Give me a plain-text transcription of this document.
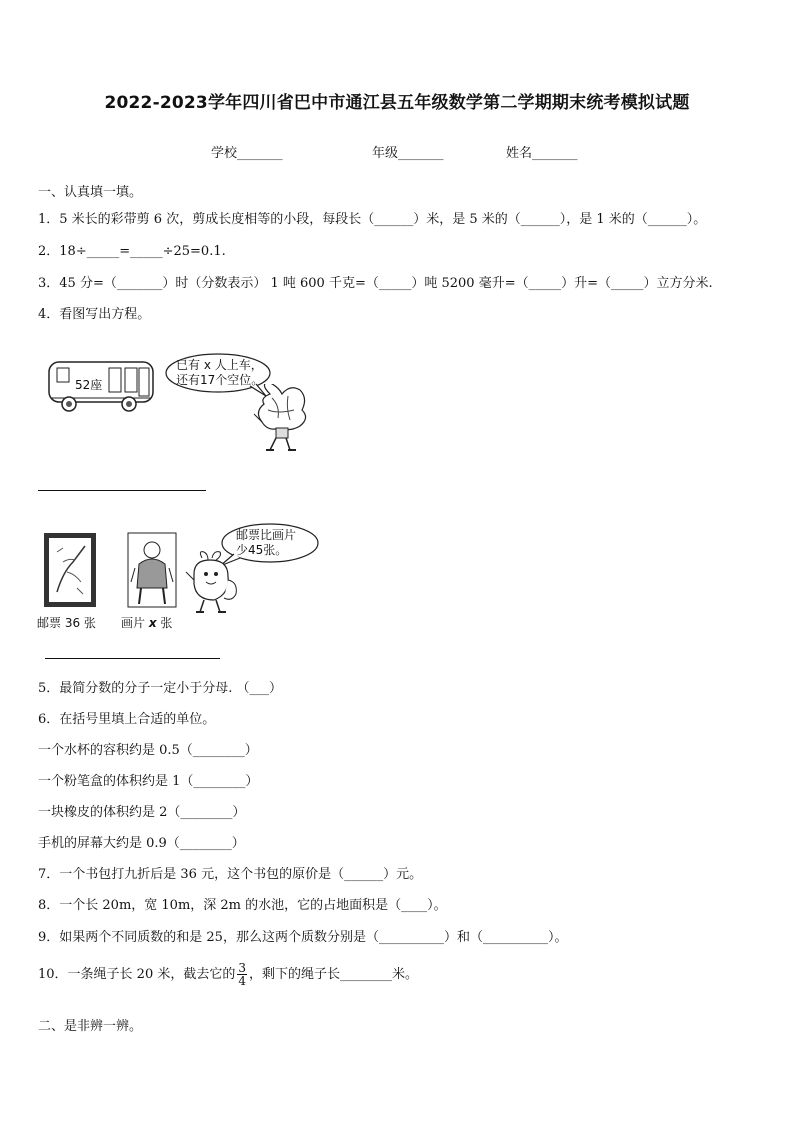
2022-2023学年四川省巴中市通江县五年级数学第二学期期末统考模拟试题
学校_______	年级_______	姓名_______
一、认真填一填。
1．5 米长的彩带剪 6 次，剪成长度相等的小段，每段长（______）米，是 5 米的（______），是 1 米的（______）。
2．18÷_____=_____÷25=0.1.
3．45 分=（_______）时（分数表示） 1 吨 600 千克=（_____）吨 5200 毫升=（_____）升=（_____）立方分米.
4．看图写出方程。
52座
已有 x 人上车，
还有17个空位。
邮票 36 张 画片 x 张
邮票比画片
少45张。
5．最简分数的分子一定小于分母. （___）
6．在括号里填上合适的单位。
一个水杯的容积约是 0.5（________）
一个粉笔盒的体积约是 1（________）
一块橡皮的体积约是 2（________）
手机的屏幕大约是 0.9（________）
7．一个书包打九折后是 36 元，这个书包的原价是（______）元。
8．一个长 20m，宽 10m，深 2m 的水池，它的占地面积是（____）。
9．如果两个不同质数的和是 25，那么这两个质数分别是（__________）和（__________）。
10．一条绳子长 20 米，截去它的 $\frac{3}{4}$ ，剩下的绳子长________米。
二、是非辨一辨。
